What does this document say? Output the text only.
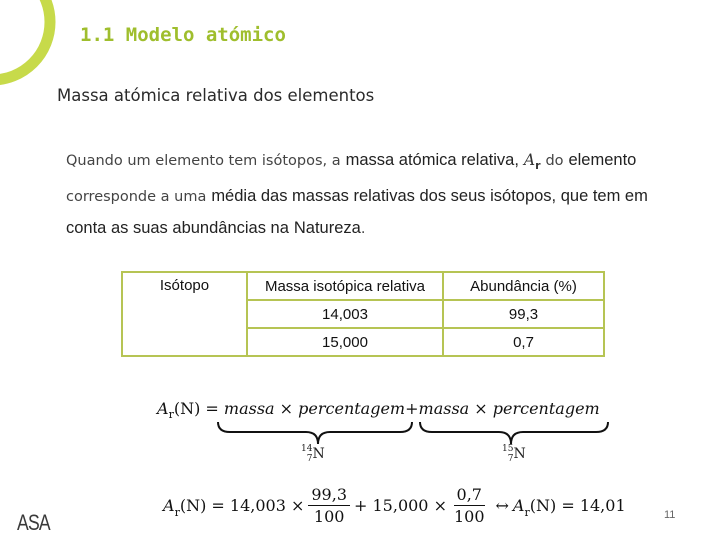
1.1 Modelo atómico
Massa atómica relativa dos elementos
Quando um elemento tem isótopos, a massa atómica relativa, $A_r$ do elemento corresponde a uma média das massas relativas dos seus isótopos, que tem em conta as suas abundâncias na Natureza.
Isótopo	Massa isotópica relativa	Abundância (%)
	14,003	99,3
	15,000	0,7
$A_r(N)$ = massa × percentagem+massa × percentagem
14
7N	15
7N
$A_r$ $(N) = 14,003 \times \frac{99,3}{100} + 15,000 \times \frac{0,7}{100}$ ↔ $A_r$ (N) = 14,01
ASA	11
